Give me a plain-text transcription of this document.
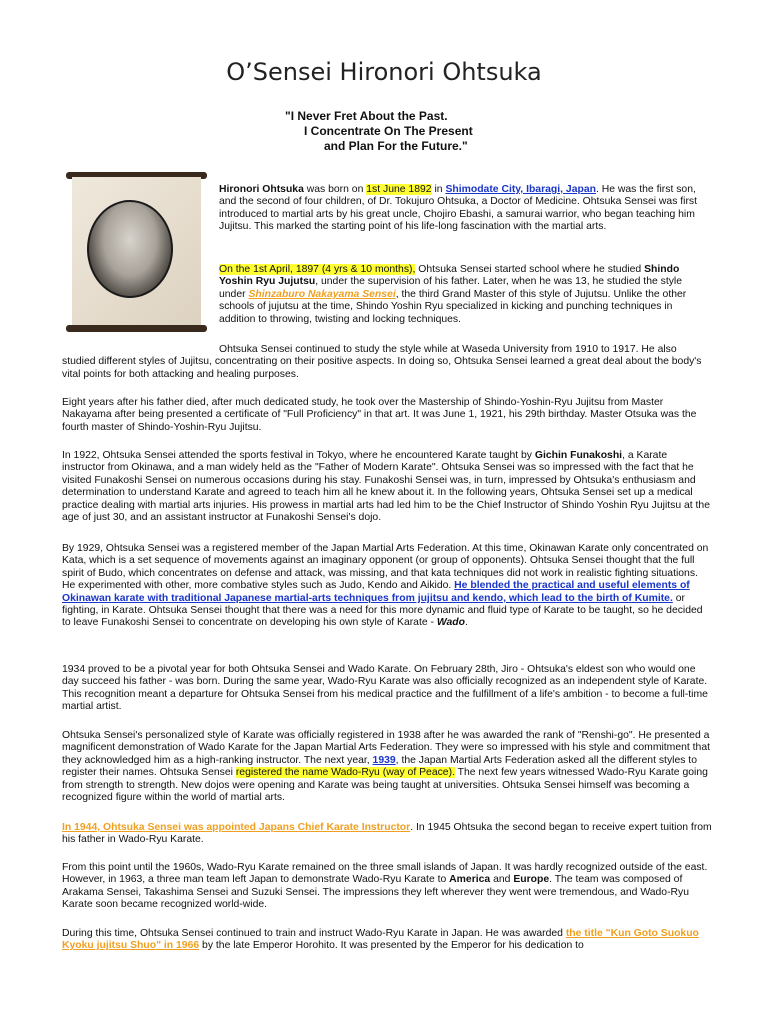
O’Sensei Hironori Ohtsuka
"I Never Fret About the Past.
I Concentrate On The Present
and Plan For the Future."
Hironori Ohtsuka was born on 1st June 1892 in Shimodate City, Ibaragi, Japan. He was the first son, and the second of four children, of Dr. Tokujuro Ohtsuka, a Doctor of Medicine. Ohtsuka Sensei was first introduced to martial arts by his great uncle, Chojiro Ebashi, a samurai warrior, who began teaching him Jujitsu. This marked the starting point of his life-long fascination with the martial arts.
On the 1st April, 1897 (4 yrs & 10 months), Ohtsuka Sensei started school where he studied Shindo Yoshin Ryu Jujutsu, under the supervision of his father. Later, when he was 13, he studied the style under Shinzaburo Nakayama Sensei, the third Grand Master of this style of Jujutsu. Unlike the other schools of jujutsu at the time, Shindo Yoshin Ryu specialized in kicking and punching techniques in addition to throwing, twisting and locking techniques.
Ohtsuka Sensei continued to study the style while at Waseda University from 1910 to 1917. He also studied different styles of Jujitsu, concentrating on their positive aspects. In doing so, Ohtsuka Sensei learned a great deal about the body's vital points for both attacking and healing purposes.
Eight years after his father died, after much dedicated study, he took over the Mastership of Shindo-Yoshin-Ryu Jujitsu from Master Nakayama after being presented a certificate of "Full Proficiency" in that art. It was June 1, 1921, his 29th birthday. Master Otsuka was the fourth master of Shindo-Yoshin-Ryu Jujitsu.
In 1922, Ohtsuka Sensei attended the sports festival in Tokyo, where he encountered Karate taught by Gichin Funakoshi, a Karate instructor from Okinawa, and a man widely held as the "Father of Modern Karate". Ohtsuka Sensei was so impressed with the fact that he visited Funakoshi Sensei on numerous occasions during his stay. Funakoshi Sensei was, in turn, impressed by Ohtsuka's enthusiasm and determination to understand Karate and agreed to teach him all he knew about it. In the following years, Ohtsuka Sensei set up a medical practice dealing with martial arts injuries. His prowess in martial arts had led him to be the Chief Instructor of Shindo Yoshin Ryu Jujitsu at the age of just 30, and an assistant instructor at Funakoshi Sensei's dojo.
By 1929, Ohtsuka Sensei was a registered member of the Japan Martial Arts Federation. At this time, Okinawan Karate only concentrated on Kata, which is a set sequence of movements against an imaginary opponent (or group of opponents). Ohtsuka Sensei thought that the full spirit of Budo, which concentrates on defense and attack, was missing, and that kata techniques did not work in realistic fighting situations. He experimented with other, more combative styles such as Judo, Kendo and Aikido. He blended the practical and useful elements of Okinawan karate with traditional Japanese martial-arts techniques from jujitsu and kendo, which lead to the birth of Kumite. or fighting, in Karate. Ohtsuka Sensei thought that there was a need for this more dynamic and fluid type of Karate to be taught, so he decided to leave Funakoshi Sensei to concentrate on developing his own style of Karate - Wado.
1934 proved to be a pivotal year for both Ohtsuka Sensei and Wado Karate. On February 28th, Jiro - Ohtsuka's eldest son who would one day succeed his father - was born. During the same year, Wado-Ryu Karate was also officially recognized as an independent style of Karate. This recognition meant a departure for Ohtsuka Sensei from his medical practice and the fulfillment of a life's ambition - to become a full-time martial artist.
Ohtsuka Sensei's personalized style of Karate was officially registered in 1938 after he was awarded the rank of "Renshi-go". He presented a magnificent demonstration of Wado Karate for the Japan Martial Arts Federation. They were so impressed with his style and commitment that they acknowledged him as a high-ranking instructor. The next year, 1939, the Japan Martial Arts Federation asked all the different styles to register their names. Ohtsuka Sensei registered the name Wado-Ryu (way of Peace). The next few years witnessed Wado-Ryu Karate going from strength to strength. New dojos were opening and Karate was being taught at universities. Ohtsuka Sensei himself was becoming a recognized figure within the world of martial arts.
In 1944, Ohtsuka Sensei was appointed Japans Chief Karate Instructor. In 1945 Ohtsuka the second began to receive expert tuition from his father in Wado-Ryu Karate.
From this point until the 1960s, Wado-Ryu Karate remained on the three small islands of Japan. It was hardly recognized outside of the east. However, in 1963, a three man team left Japan to demonstrate Wado-Ryu Karate to America and Europe. The team was composed of Arakama Sensei, Takashima Sensei and Suzuki Sensei. The impressions they left wherever they went were tremendous, and Wado-Ryu Karate soon became recognized world-wide.
During this time, Ohtsuka Sensei continued to train and instruct Wado-Ryu Karate in Japan. He was awarded the title "Kun Goto Suokuo Kyoku jujitsu Shuo" in 1966 by the late Emperor Horohito. It was presented by the Emperor for his dedication to
